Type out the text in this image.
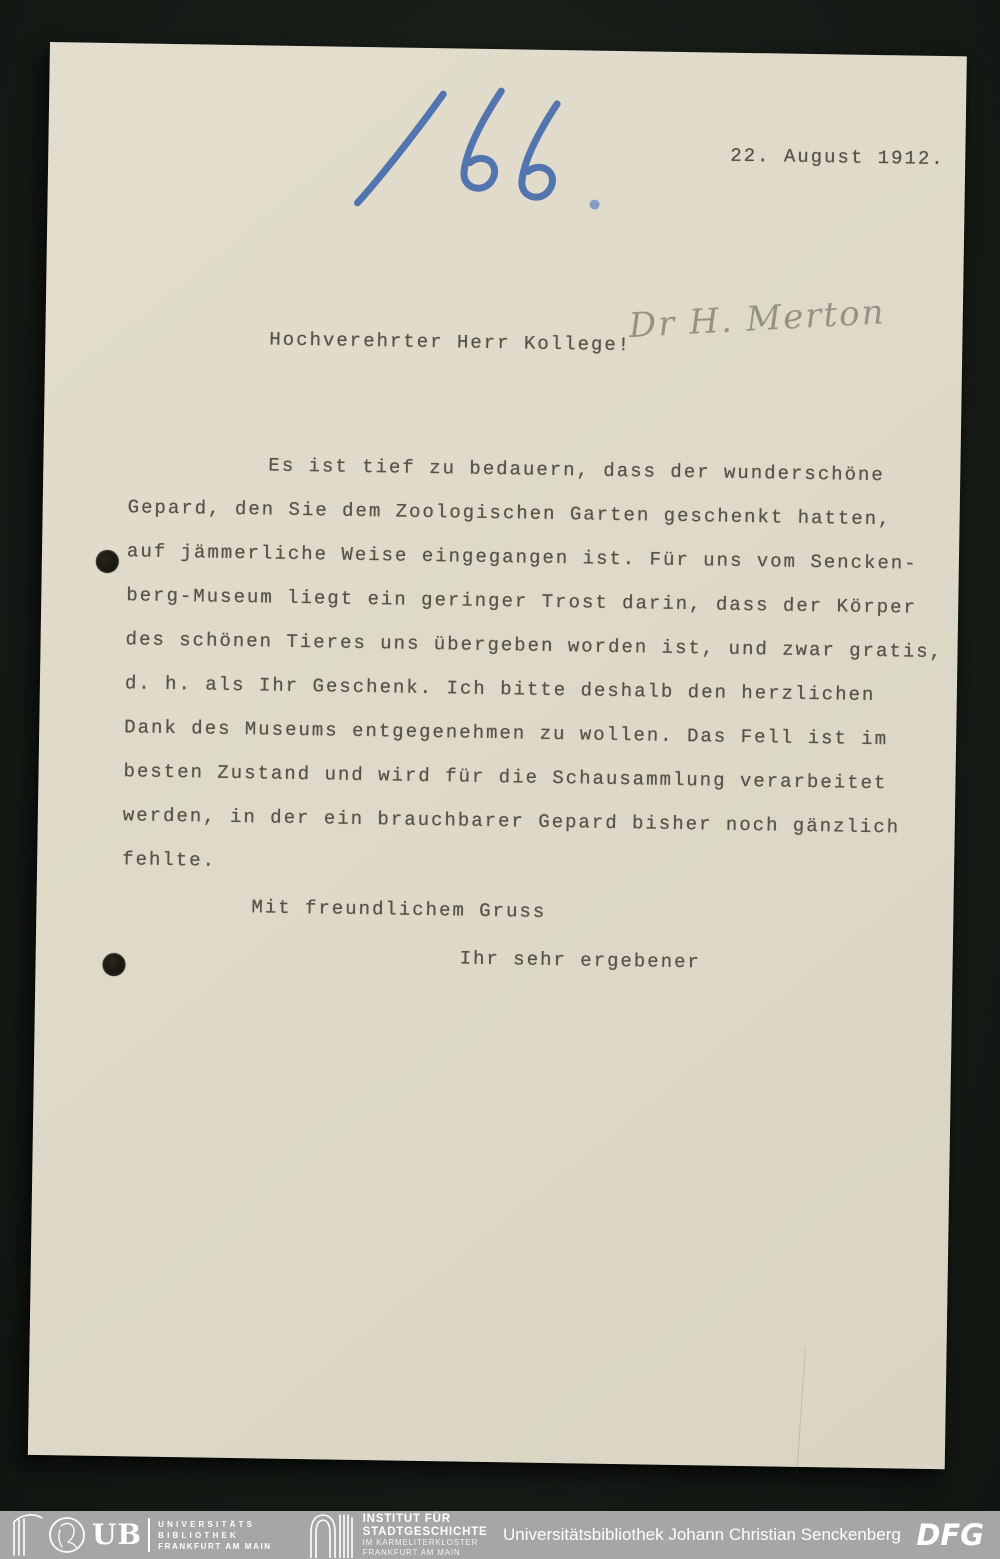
22. August 1912.
Hochverehrter Herr Kollege!
Dr H. Merton
Es ist tief zu bedauern, dass der wunderschöne
Gepard, den Sie dem Zoologischen Garten geschenkt hatten,
auf jämmerliche Weise eingegangen ist. Für uns vom Sencken-
berg-Museum liegt ein geringer Trost darin, dass der Körper
des schönen Tieres uns übergeben worden ist, und zwar gratis,
d. h. als Ihr Geschenk. Ich bitte deshalb den herzlichen
Dank des Museums entgegenehmen zu wollen. Das Fell ist im
besten Zustand und wird für die Schausammlung verarbeitet
werden, in der ein brauchbarer Gepard bisher noch gänzlich
fehlte.
Mit freundlichem Gruss
Ihr sehr ergebener
UB UNIVERSITÄTS
BIBLIOTHEK
FRANKFURT AM MAIN
INSTITUT FÜR
STADTGESCHICHTE
IM KARMELITERKLOSTER
FRANKFURT AM MAIN
Universitätsbibliothek Johann Christian Senckenberg DFG
